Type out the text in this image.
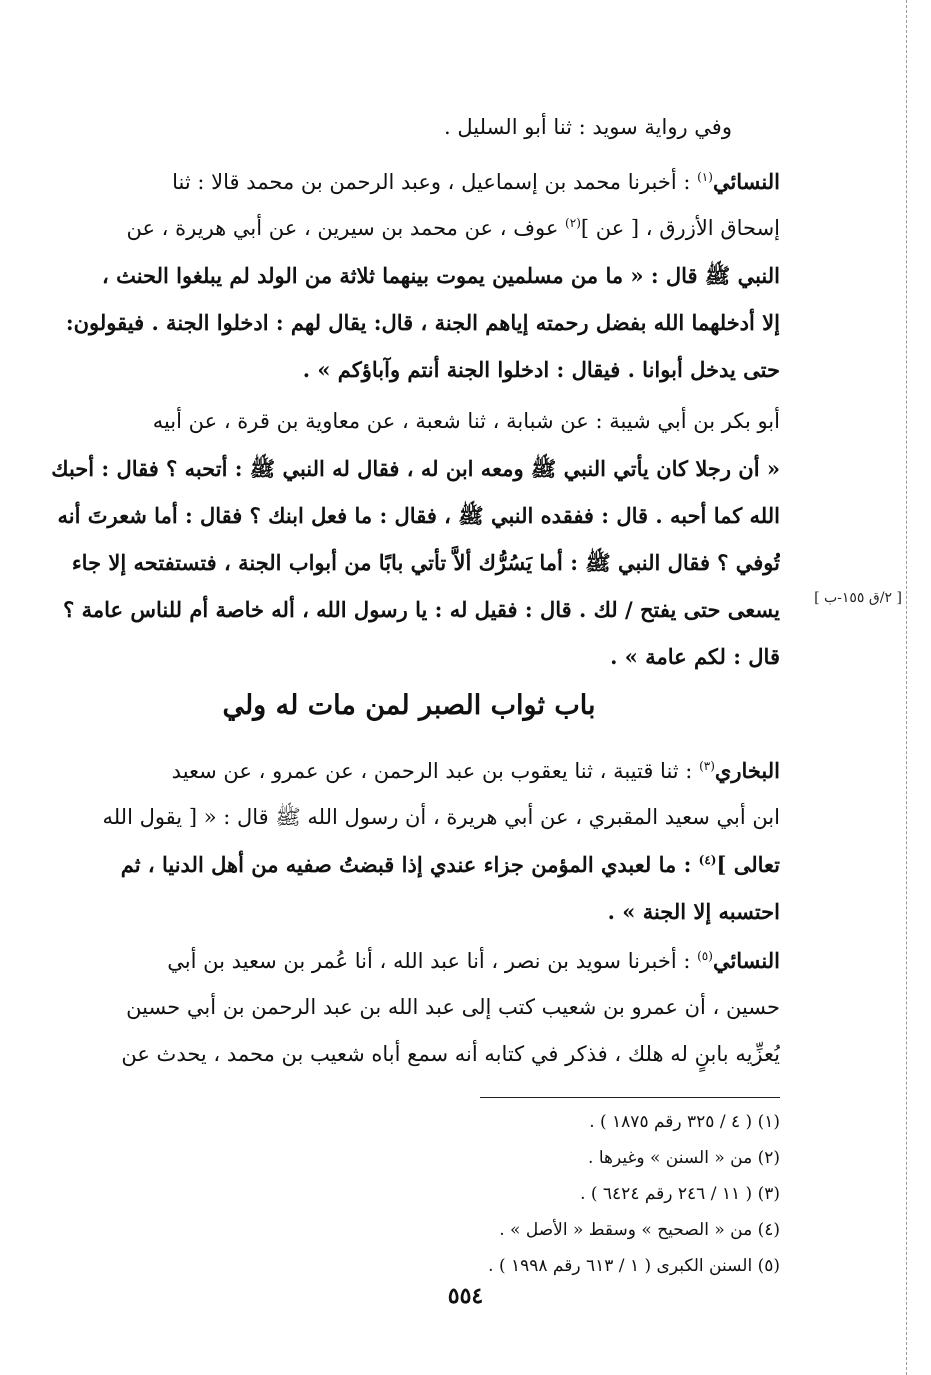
وفي رواية سويد : ثنا أبو السليل .
النسائي$^{(١)}$ : أخبرنا محمد بن إسماعيل ، وعبد الرحمن بن محمد قالا : ثنا
إسحاق الأزرق ، [ عن ]$^{(٢)}$ عوف ، عن محمد بن سيرين ، عن أبي هريرة ، عن
النبي ﷺ قال : « ما من مسلمين يموت بينهما ثلاثة من الولد لم يبلغوا الحنث ،
إلا أدخلهما الله بفضل رحمته إياهم الجنة ، قال: يقال لهم : ادخلوا الجنة . فيقولون:
حتى يدخل أبوانا . فيقال : ادخلوا الجنة أنتم وآباؤكم » .
أبو بكر بن أبي شيبة : عن شبابة ، ثنا شعبة ، عن معاوية بن قرة ، عن أبيه
« أن رجلا كان يأتي النبي ﷺ ومعه ابن له ، فقال له النبي ﷺ : أتحبه ؟ فقال : أحبك
الله كما أحبه . قال : ففقده النبي ﷺ ، فقال : ما فعل ابنك ؟ فقال : أما شعرتَ أنه
تُوفي ؟ فقال النبي ﷺ : أما يَسُرُّك ألاَّ تأتي بابًا من أبواب الجنة ، فتستفتحه إلا جاء
يسعى حتى يفتح / لك . قال : فقيل له : يا رسول الله ، أله خاصة أم للناس عامة ؟
قال : لكم عامة » .
[ ٢/ق ١٥٥-ب ]
باب ثواب الصبر لمن مات له ولي
البخاري$^{(٣)}$ : ثنا قتيبة ، ثنا يعقوب بن عبد الرحمن ، عن عمرو ، عن سعيد
ابن أبي سعيد المقبري ، عن أبي هريرة ، أن رسول الله ﷺ قال : « [ يقول الله
تعالى ]$^{(٤)}$ : ما لعبدي المؤمن جزاء عندي إذا قبضتُ صفيه من أهل الدنيا ، ثم
احتسبه إلا الجنة » .
النسائي$^{(٥)}$ : أخبرنا سويد بن نصر ، أنا عبد الله ، أنا عُمر بن سعيد بن أبي
حسين ، أن عمرو بن شعيب كتب إلى عبد الله بن عبد الرحمن بن أبي حسين
يُعزِّيه بابنٍ له هلك ، فذكر في كتابه أنه سمع أباه شعيب بن محمد ، يحدث عن
(١) ( ٤ / ٣٢٥ رقم ١٨٧٥ ) .
(٢) من « السنن » وغيرها .
(٣) ( ١١ / ٢٤٦ رقم ٦٤٢٤ ) .
(٤) من « الصحيح » وسقط « الأصل » .
(٥) السنن الكبرى ( ١ / ٦١٣ رقم ١٩٩٨ ) .
٥٥٤
